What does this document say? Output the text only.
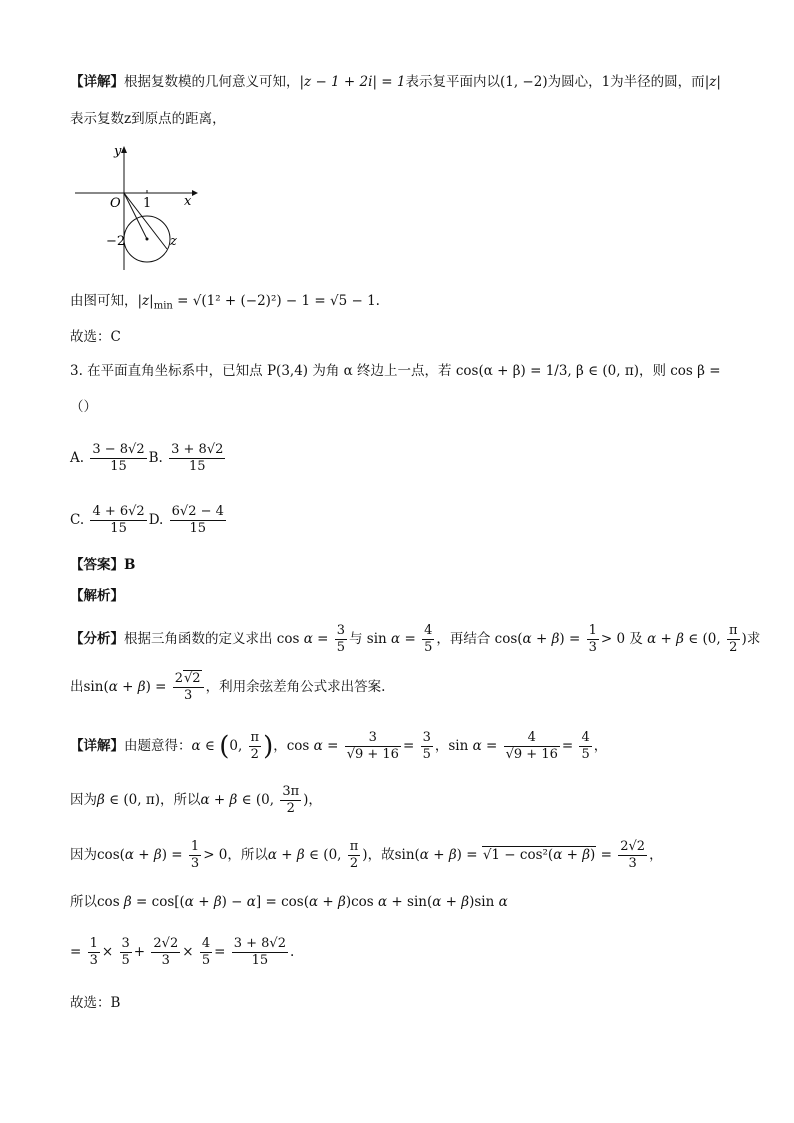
【详解】根据复数模的几何意义可知，|z − 1 + 2i| = 1表示复平面内以(1, −2)为圆心，1为半径的圆，而|z|
表示复数z到原点的距离，
y
x
O 1
−2	z
由图可知，$|z|_{min} = √(1^2 + (-2)^2) - 1 = √5 - 1$.
故选：C
3. 在平面直角坐标系中，已知点 P(3,4) 为角 α 终边上一点，若 cos(α + β) = 1/3, β ∈ (0, π)，则 cos β =
（）
A. $\frac{3 - 8√2}{15} B$. $\frac{3 + 8√2}{15}$
C. $\frac{4 + 6√2}{15} D$. $\frac{6√2 - 4}{15}$
【答案】B
【解析】
【分析】根据三角函数的定义求出 $\cos \alpha = \frac{3}{5}$ 与 $\sin \alpha = \frac{4}{5}$ ，再结合 $\cos(\alpha + \beta) = \frac{1}{3} > 0$ 及 α + β ∈ (0, $\frac{\pi}{2}$ )求
出$\sin(\alpha + \beta) = \frac{2√2}{3}$ ，利用余弦差角公式求出答案.
【详解】由题意得：α ∈ (0, $\frac{\pi}{2}$ )，$\cos \alpha = \frac{3}{√9 + 16} = \frac{3}{5}$ ，$\sin \alpha = \frac{4}{√9 + 16} = \frac{4}{5}$ ，
因为β ∈ (0, π)，所以α + β ∈ (0, $\frac{3\pi}{2}$ )，
因为$\cos(\alpha + \beta) = \frac{1}{3} > 0$，所以α + β ∈ (0, $\frac{\pi}{2}$ )，故$\sin(\alpha + \beta) = √1 - \cos^2(\alpha + \beta) = \frac{2√2}{3}$ ，
所以cos β = cos[(α + β) − α] = cos(α + β)cos α + sin(α + β)sin α
= $\frac{1}{3} \times \frac{3}{5} + \frac{2√2}{3} \times \frac{4}{5} = \frac{3 + 8√2}{15}$ .
故选：B
